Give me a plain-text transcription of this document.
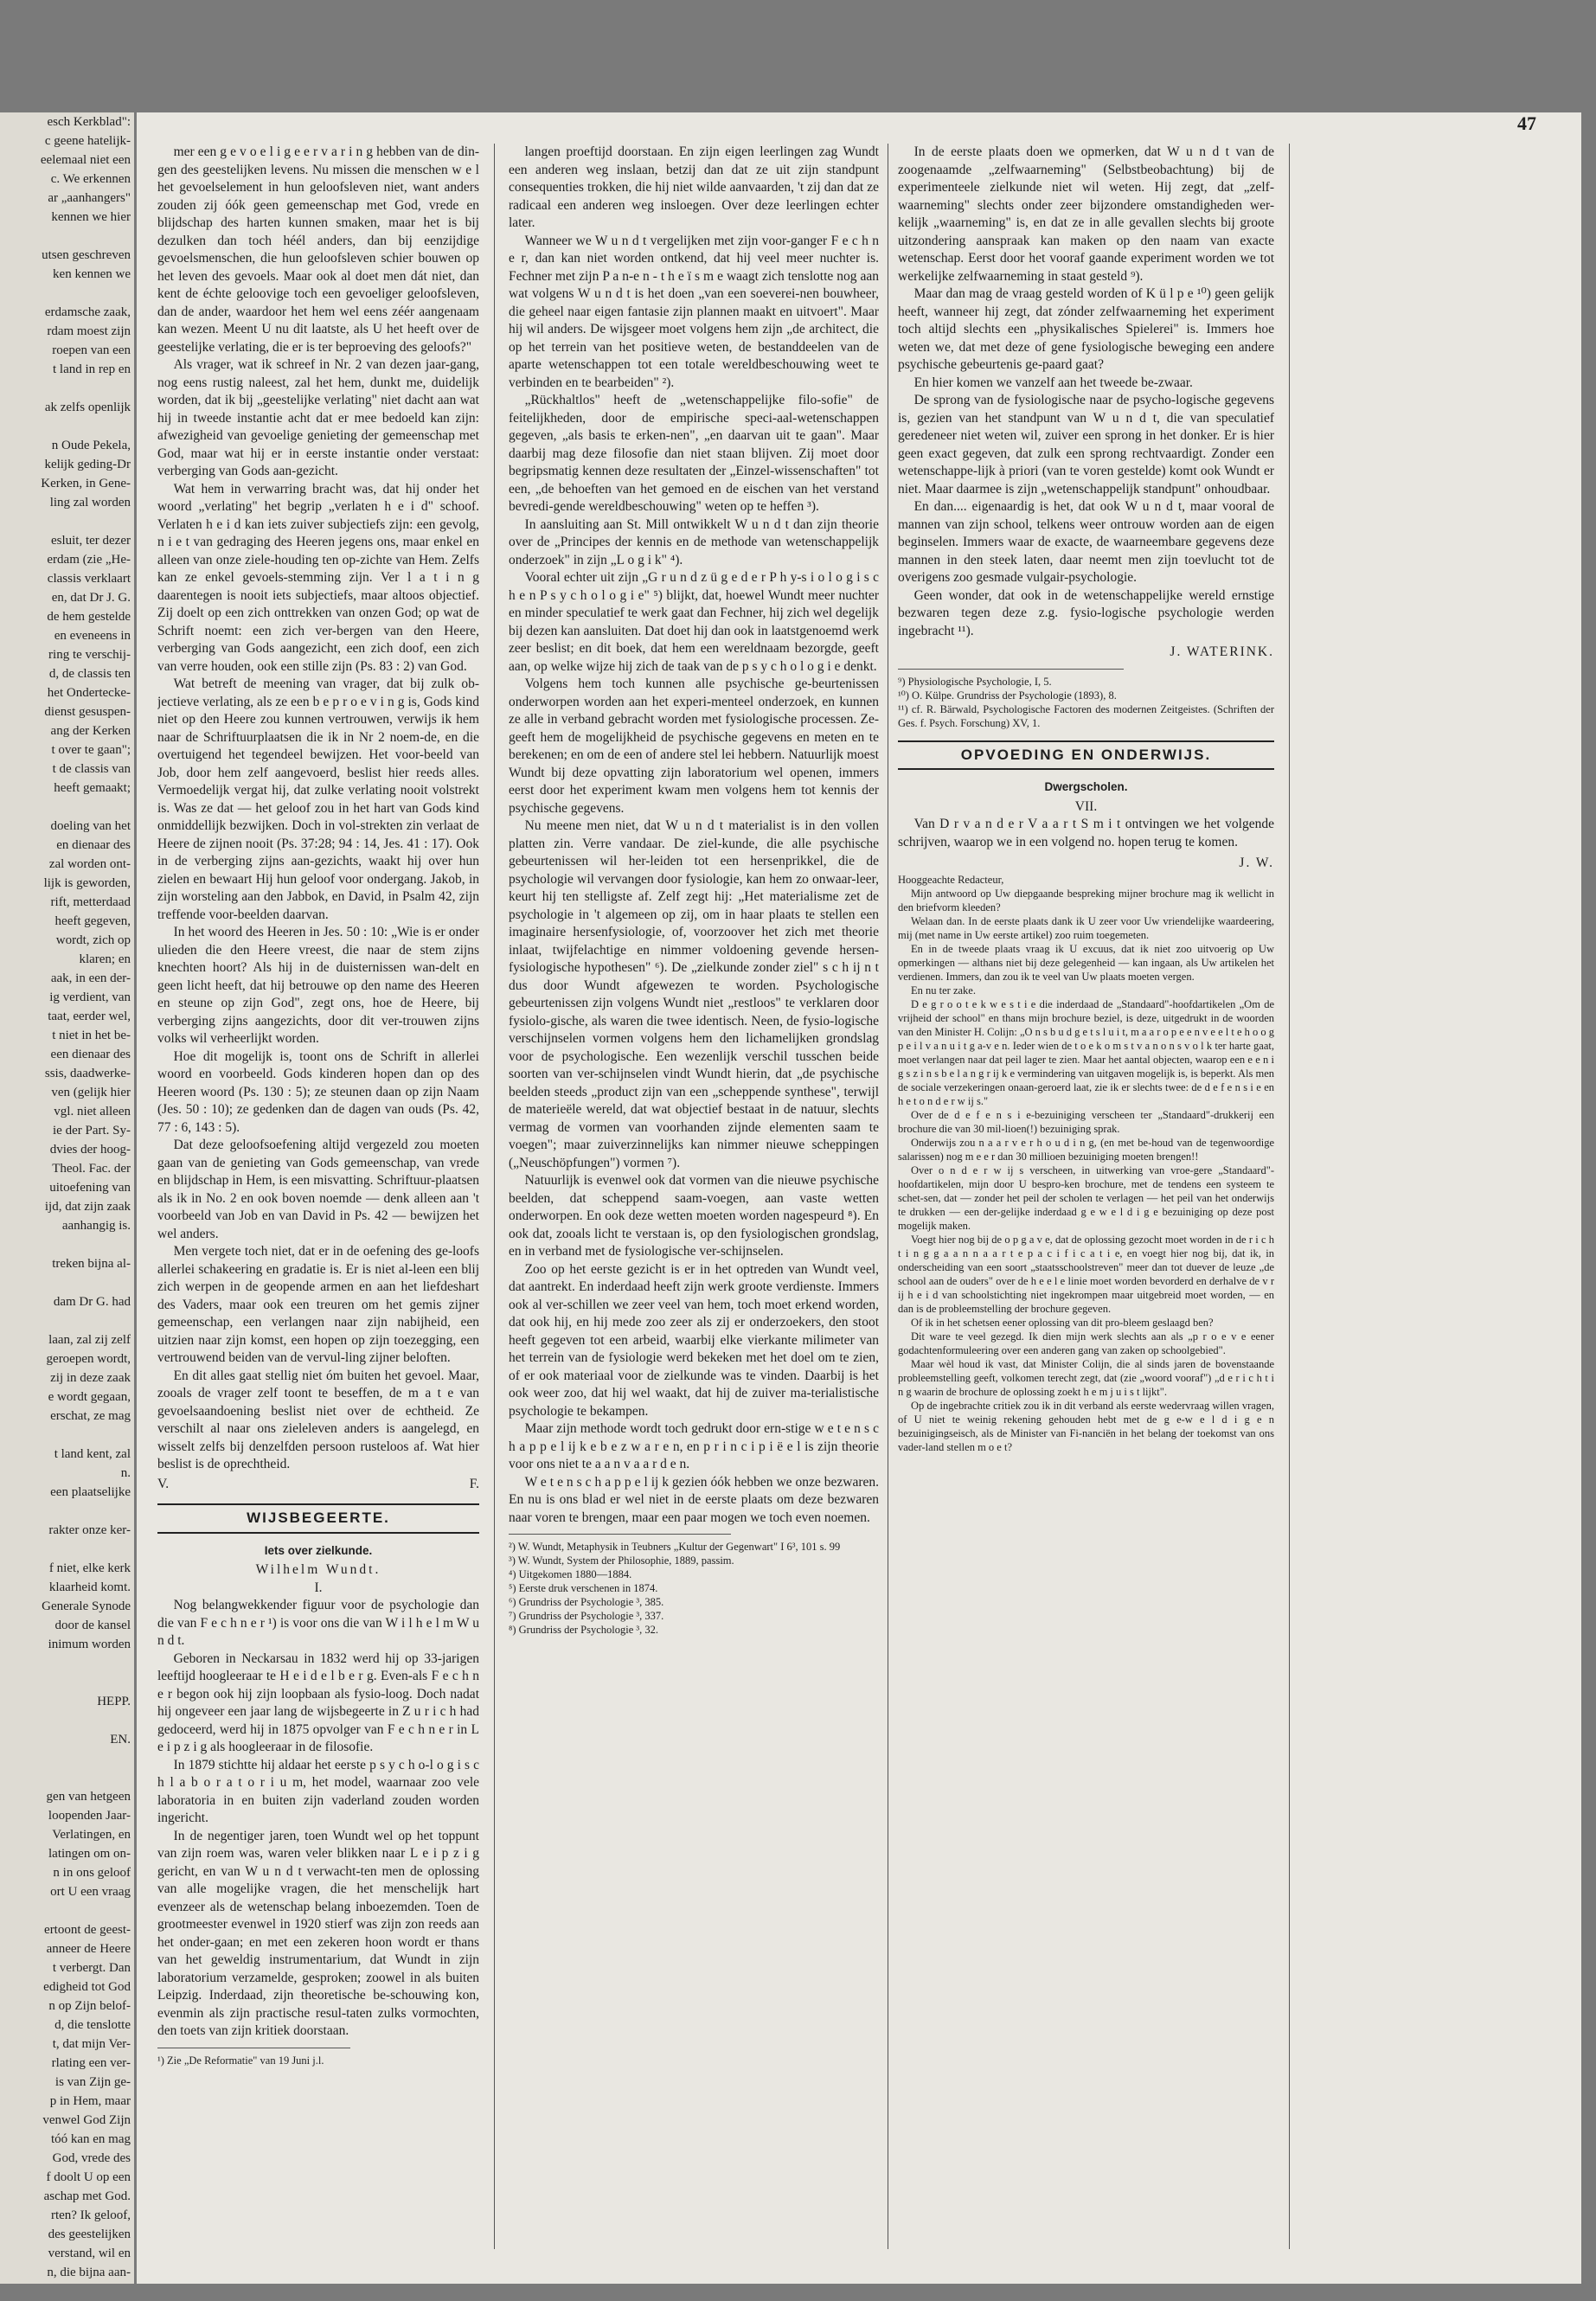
esch Kerkblad":
c geene hatelijk-
eelemaal niet een
c. We erkennen
ar „aanhangers"
kennen we hier
utsen geschreven
ken kennen we
erdamsche zaak,
rdam moest zijn
roepen van een
t land in rep en
ak zelfs openlijk
n Oude Pekela,
kelijk geding-Dr
Kerken, in Gene-
ling zal worden
esluit, ter dezer
erdam (zie „He-
classis verklaart
en, dat Dr J. G.
de hem gestelde
en eveneens in
ring te verschij-
d, de classis ten
het Ondertecke-
dienst gesuspen-
ang der Kerken
t over te gaan";
t de classis van
heeft gemaakt;
doeling van het
en dienaar des
zal worden ont-
lijk is geworden,
rift, metterdaad
heeft gegeven,
wordt, zich op
klaren; en
aak, in een der-
ig verdient, van
taat, eerder wel,
t niet in het be-
een dienaar des
ssis, daadwerke-
ven (gelijk hier
vgl. niet alleen
ie der Part. Sy-
dvies der hoog-
Theol. Fac. der
uitoefening van
ijd, dat zijn zaak
aanhangig is.
treken bijna al-
dam Dr G. had
laan, zal zij zelf
geroepen wordt,
zij in deze zaak
e wordt gegaan,
erschat, ze mag
t land kent, zal
n.
een plaatselijke
rakter onze ker-
f niet, elke kerk
klaarheid komt.
Generale Synode
door de kansel
inimum worden
HEPP.
EN.
gen van hetgeen
loopenden Jaar-
Verlatingen, en
latingen om on-
n in ons geloof
ort U een vraag
ertoont de geest-
anneer de Heere
t verbergt. Dan
edigheid tot God
n op Zijn belof-
d, die tenslotte
t, dat mijn Ver-
rlating een ver-
is van Zijn ge-
p in Hem, maar
venwel God Zijn
tóó kan en mag
God, vrede des
f doolt U op een
aschap met God.
rten? Ik geloof,
des geestelijken
verstand, wil en
n, die bijna aan-
47

mer een g e v o e l i g e e r v a r i n g hebben van de din-gen des geestelijken levens. Nu missen die menschen w e l het gevoelselement in hun geloofsleven niet, want anders zouden zij óók geen gemeenschap met God, vrede en blijdschap des harten kunnen smaken, maar het is bij dezulken dan toch héél anders, dan bij eenzijdige gevoelsmenschen, die hun geloofsleven schier bouwen op het leven des gevoels. Maar ook al doet men dát niet, dan kent de échte geloovige toch een gevoeliger geloofsleven, dan de ander, waardoor het hem wel eens zéér aangenaam kan wezen. Meent U nu dit laatste, als U het heeft over de geestelijke verlating, die er is ter beproeving des geloofs?"

Als vrager, wat ik schreef in Nr. 2 van dezen jaar-gang, nog eens rustig naleest, zal het hem, dunkt me, duidelijk worden, dat ik bij „geestelijke verlating" niet dacht aan wat hij in tweede instantie acht dat er mee bedoeld kan zijn: afwezigheid van gevoelige genieting der gemeenschap met God, maar wat hij er in eerste instantie onder verstaat: verberging van Gods aan-gezicht.

Wat hem in verwarring bracht was, dat hij onder het woord „verlating" het begrip „verlaten h e i d" schoof. Verlaten h e i d kan iets zuiver subjectiefs zijn: een gevolg, n i e t van gedraging des Heeren jegens ons, maar enkel en alleen van onze ziele-houding ten op-zichte van Hem. Zelfs kan ze enkel gevoels-stemming zijn. Ver l a t i n g daarentegen is nooit iets subjectiefs, maar altoos objectief. Zij doelt op een zich onttrekken van onzen God; op wat de Schrift noemt: een zich ver-bergen van den Heere, verberging van Gods aangezicht, een zich doof, een zich van verre houden, ook een stille zijn (Ps. 83 : 2) van God.

Wat betreft de meening van vrager, dat bij zulk ob-jectieve verlating, als ze een b e p r o e v i n g is, Gods kind niet op den Heere zou kunnen vertrouwen, verwijs ik hem naar de Schriftuurplaatsen die ik in Nr 2 noem-de, en die overtuigend het tegendeel bewijzen. Het voor-beeld van Job, door hem zelf aangevoerd, beslist hier reeds alles. Vermoedelijk vergat hij, dat zulke verlating nooit volstrekt is. Was ze dat — het geloof zou in het hart van Gods kind onmiddellijk bezwijken. Doch in vol-strekten zin verlaat de Heere de zijnen nooit (Ps. 37:28; 94 : 14, Jes. 41 : 17). Ook in de verberging zijns aan-gezichts, waakt hij over hun zielen en bewaart Hij hun geloof voor ondergang. Jakob, in zijn worsteling aan den Jabbok, en David, in Psalm 42, zijn treffende voor-beelden daarvan.

In het woord des Heeren in Jes. 50 : 10: „Wie is er onder ulieden die den Heere vreest, die naar de stem zijns knechten hoort? Als hij in de duisternissen wan-delt en geen licht heeft, dat hij betrouwe op den name des Heeren en steune op zijn God", zegt ons, hoe de Heere, bij verberging zijns aangezichts, door dit ver-trouwen zijns volks wil verheerlijkt worden.

Hoe dit mogelijk is, toont ons de Schrift in allerlei woord en voorbeeld. Gods kinderen hopen dan op des Heeren woord (Ps. 130 : 5); ze steunen daan op zijn Naam (Jes. 50 : 10); ze gedenken dan de dagen van ouds (Ps. 42, 77 : 6, 143 : 5).

Dat deze geloofsoefening altijd vergezeld zou moeten gaan van de genieting van Gods gemeenschap, van vrede en blijdschap in Hem, is een misvatting. Schriftuur-plaatsen als ik in No. 2 en ook boven noemde — denk alleen aan 't voorbeeld van Job en van David in Ps. 42 — bewijzen het wel anders.

Men vergete toch niet, dat er in de oefening des ge-loofs allerlei schakeering en gradatie is. Er is niet al-leen een blij zich werpen in de geopende armen en aan het liefdeshart des Vaders, maar ook een treuren om het gemis zijner gemeenschap, een verlangen naar zijn nabijheid, een uitzien naar zijn komst, een hopen op zijn toezegging, een vertrouwend beiden van de vervul-ling zijner beloften.

En dit alles gaat stellig niet óm buiten het gevoel. Maar, zooals de vrager zelf toont te beseffen, de m a t e van gevoelsaandoening beslist niet over de echtheid. Ze verschilt al naar ons zieleleven anders is aangelegd, en wisselt zelfs bij denzelfden persoon rusteloos af. Wat hier beslist is de oprechtheid.

V.	F.
WIJSBEGEERTE.
Iets over zielkunde.

Wilhelm Wundt.

I.

Nog belangwekkender figuur voor de psychologie dan die van F e c h n e r ¹) is voor ons die van W i l h e l m W u n d t.

Geboren in Neckarsau in 1832 werd hij op 33-jarigen leeftijd hoogleeraar te H e i d e l b e r g. Even-als F e c h n e r begon ook hij zijn loopbaan als fysio-loog. Doch nadat hij ongeveer een jaar lang de wijsbegeerte in Z u r i c h had gedoceerd, werd hij in 1875 opvolger van F e c h n e r in L e i p z i g als hoogleeraar in de filosofie.

In 1879 stichtte hij aldaar het eerste p s y c h o-l o g i s c h l a b o r a t o r i u m, het model, waarnaar zoo vele laboratoria in en buiten zijn vaderland zouden worden ingericht.

In de negentiger jaren, toen Wundt wel op het toppunt van zijn roem was, waren veler blikken naar L e i p z i g gericht, en van W u n d t verwacht-ten men de oplossing van alle mogelijke vragen, die het menschelijk hart evenzeer als de wetenschap belang inboezemden. Toen de grootmeester evenwel in 1920 stierf was zijn zon reeds aan het onder-gaan; en met een zekeren hoon wordt er thans van het geweldig instrumentarium, dat Wundt in zijn laboratorium verzamelde, gesproken; zoowel in als buiten Leipzig. Inderdaad, zijn theoretische be-schouwing kon, evenmin als zijn practische resul-taten zulks vormochten, den toets van zijn kritiek doorstaan.

¹) Zie „De Reformatie" van 19 Juni j.l.

langen proeftijd doorstaan. En zijn eigen leerlingen zag Wundt een anderen weg inslaan, betzij dan dat ze uit zijn standpunt consequenties trokken, die hij niet wilde aanvaarden, 't zij dan dat ze radicaal een anderen weg insloegen. Over deze leerlingen echter later.

Wanneer we W u n d t vergelijken met zijn voor-ganger F e c h n e r, dan kan niet worden ontkend, dat hij veel meer nuchter is. Fechner met zijn P a n-e n - t h e ï s m e waagt zich tenslotte nog aan wat volgens W u n d t is het doen „van een soeverei-nen bouwheer, die geheel naar eigen fantasie zijn plannen maakt en uitvoert". Maar hij wil anders. De wijsgeer moet volgens hem zijn „de architect, die op het terrein van het positieve weten, de bestanddeelen van de aparte wetenschappen tot een totale wereldbeschouwing weet te verbinden en te bearbeiden" ²).

„Rückhaltlos" heeft de „wetenschappelijke filo-sofie" de feitelijkheden, door de empirische speci-aal-wetenschappen gegeven, „als basis te erken-nen", „en daarvan uit te gaan". Maar daarbij mag deze filosofie dan niet staan blijven. Zij moet door begripsmatig kennen deze resultaten der „Einzel-wissenschaften" tot een, „de behoeften van het gemoed en de eischen van het verstand bevredi-gende wereldbeschouwing" weten op te heffen ³).

In aansluiting aan St. Mill ontwikkelt W u n d t dan zijn theorie over de „Principes der kennis en de methode van wetenschappelijk onderzoek" in zijn „L o g i k" ⁴).

Vooral echter uit zijn „G r u n d z ü g e d e r P h y-s i o l o g i s c h e n P s y c h o l o g i e" ⁵) blijkt, dat, hoewel Wundt meer nuchter en minder speculatief te werk gaat dan Fechner, hij zich wel degelijk bij dezen kan aansluiten. Dat doet hij dan ook in laatstgenoemd werk zeer beslist; en dit boek, dat hem een wereldnaam bezorgde, geeft aan, op welke wijze hij zich de taak van de p s y c h o l o g i e denkt.

Volgens hem toch kunnen alle psychische ge-beurtenissen onderworpen worden aan het experi-menteel onderzoek, en kunnen ze alle in verband gebracht worden met fysiologische processen. Ze-geeft hem de mogelijkheid de psychische gegevens en meten en te berekenen; en om de een of andere stel lei hebbern. Natuurlijk moest Wundt bij deze opvatting zijn laboratorium wel openen, immers eerst door het experiment kwam men volgens hem tot kennis der psychische gegevens.

Nu meene men niet, dat W u n d t materialist is in den vollen platten zin. Verre vandaar. De ziel-kunde, die alle psychische gebeurtenissen wil her-leiden tot een hersenprikkel, die de psychologie wil vervangen door fysiologie, kan hem zo onwaar-leer, keurt hij ten stelligste af. Zelf zegt hij: „Het materialisme zet de psychologie in 't algemeen op zij, om in haar plaats te stellen een imaginaire hersenfysiologie, of, voorzoover het zich met theorie inlaat, twijfelachtige en nimmer voldoening gevende hersen-fysiologische hypothesen" ⁶). De „zielkunde zonder ziel" s c h ij n t dus door Wundt afgewezen te worden. Psychologische gebeurtenissen zijn volgens Wundt niet „restloos" te verklaren door fysiolo-gische, als waren die twee identisch. Neen, de fysio-logische verschijnselen vormen volgens hem den lichamelijken grondslag voor de psychologische. Een wezenlijk verschil tusschen beide soorten van ver-schijnselen vindt Wundt hierin, dat „de psychische beelden steeds „product zijn van een „scheppende synthese", terwijl de materieële wereld, dat wat objectief bestaat in de natuur, slechts vermag de vormen van voorhanden zijnde elementen saam te voegen"; maar zuiverzinnelijks kan nimmer nieuwe scheppingen („Neuschöpfungen") vormen ⁷).

Natuurlijk is evenwel ook dat vormen van die nieuwe psychische beelden, dat scheppend saam-voegen, aan vaste wetten onderworpen. En ook deze wetten moeten worden nagespeurd ⁸). En ook dat, zooals licht te verstaan is, op den fysiologischen grondslag, en in verband met de fysiologische ver-schijnselen.

Zoo op het eerste gezicht is er in het optreden van Wundt veel, dat aantrekt. En inderdaad heeft zijn werk groote verdienste. Immers ook al ver-schillen we zeer veel van hem, toch moet erkend worden, dat ook hij, en hij mede zoo zeer als zij er onderzoekers, den stoot heeft gegeven tot een arbeid, waarbij elke vierkante milimeter van het terrein van de fysiologie werd bekeken met het doel om te zien, of er ook materiaal voor de zielkunde was te vinden. Daarbij is het ook weer zoo, dat hij wel waakt, dat hij de zuiver ma-terialistische psychologie te bekampen.

Maar zijn methode wordt toch gedrukt door ern-stige w e t e n s c h a p p e l ij k e b e z w a r e n, en p r i n c i p i ë e l is zijn theorie voor ons niet te a a n v a a r d e n.

W e t e n s c h a p p e l ij k gezien óók hebben we onze bezwaren. En nu is ons blad er wel niet in de eerste plaats om deze bezwaren naar voren te brengen, maar een paar mogen we toch even noemen.

²) W. Wundt, Metaphysik in Teubners „Kultur der Gegenwart" I 6³, 101 s. 99

³) W. Wundt, System der Philosophie, 1889, passim.

⁴) Uitgekomen 1880—1884.

⁵) Eerste druk verschenen in 1874.

⁶) Grundriss der Psychologie ³, 385.

⁷) Grundriss der Psychologie ³, 337.

⁸) Grundriss der Psychologie ³, 32.

In de eerste plaats doen we opmerken, dat W u n d t van de zoogenaamde „zelfwaarneming" (Selbstbeobachtung) bij de experimenteele zielkunde niet wil weten. Hij zegt, dat „zelf-waarneming" slechts onder zeer bijzondere omstandigheden wer-kelijk „waarneming" is, en dat ze in alle gevallen slechts bij groote uitzondering aanspraak kan maken op den naam van exacte wetenschap. Eerst door het vooraf gaande experiment worden we tot werkelijke zelfwaarneming in staat gesteld ⁹).

Maar dan mag de vraag gesteld worden of K ü l p e ¹⁰) geen gelijk heeft, wanneer hij zegt, dat zónder zelfwaarneming het experiment toch altijd slechts een „physikalisches Spielerei" is. Immers hoe weten we, dat met deze of gene fysiologische beweging een andere psychische gebeurtenis ge-paard gaat?

En hier komen we vanzelf aan het tweede be-zwaar.

De sprong van de fysiologische naar de psycho-logische gegevens is, gezien van het standpunt van W u n d t, die van speculatief geredeneer niet weten wil, zuiver een sprong in het donker. Er is hier geen exact gegeven, dat zulk een sprong rechtvaardigt. Zonder een wetenschappe-lijk à priori (van te voren gestelde) komt ook Wundt er niet. Maar daarmee is zijn „wetenschappelijk standpunt" onhoudbaar.

En dan.... eigenaardig is het, dat ook W u n d t, maar vooral de mannen van zijn school, telkens weer ontrouw worden aan de eigen beginselen. Immers waar de exacte, de waarneembare gegevens deze mannen in den steek laten, daar neemt men zijn toevlucht tot de overigens zoo gesmade vulgair-psychologie.

Geen wonder, dat ook in de wetenschappelijke wereld ernstige bezwaren tegen deze z.g. fysio-logische psychologie werden ingebracht ¹¹).

J. WATERINK.

⁹) Physiologische Psychologie, I, 5.

¹⁰) O. Külpe. Grundriss der Psychologie (1893), 8.

¹¹) cf. R. Bärwald, Psychologische Factoren des modernen Zeitgeistes. (Schriften der Ges. f. Psych. Forschung) XV, 1.

OPVOEDING EN ONDERWIJS.
Dwergscholen.

VII.

Van D r v a n d e r V a a r t S m i t ontvingen we het volgende schrijven, waarop we in een volgend no. hopen terug te komen.

J. W.

Hooggeachte Redacteur,

Mijn antwoord op Uw diepgaande bespreking mijner brochure mag ik wellicht in den briefvorm kleeden?

Welaan dan. In de eerste plaats dank ik U zeer voor Uw vriendelijke waardeering, mij (met name in Uw eerste artikel) zoo ruim toegemeten.

En in de tweede plaats vraag ik U excuus, dat ik niet zoo uitvoerig op Uw opmerkingen — althans niet bij deze gelegenheid — kan ingaan, als Uw artikelen het verdienen. Immers, dan zou ik te veel van Uw plaats moeten vergen.

En nu ter zake.

D e g r o o t e k w e s t i e die inderdaad de „Standaard"-hoofdartikelen „Om de vrijheid der school" en thans mijn brochure beziel, is deze, uitgedrukt in de woorden van den Minister H. Colijn: „O n s b u d g e t s l u i t, m a a r o p e e n v e e l t e h o o g p e i l v a n u i t g a-v e n. Ieder wien de t o e k o m s t v a n o n s v o l k ter harte gaat, moet verlangen naar dat peil lager te zien. Maar het aantal objecten, waarop een e e n i g s z i n s b e l a n g r ij k e vermindering van uitgaven mogelijk is, is beperkt. Als men de sociale verzekeringen onaan-geroerd laat, zie ik er slechts twee: de d e f e n s i e en h e t o n d e r w ij s."

Over de d e f e n s i e-bezuiniging verscheen ter „Standaard"-drukkerij een brochure die van 30 mil-lioen(!) bezuiniging sprak.

Onderwijs zou n a a r v e r h o u d i n g, (en met be-houd van de tegenwoordige salarissen) nog m e e r dan 30 millioen bezuiniging moeten brengen!!

Over o n d e r w ij s verscheen, in uitwerking van vroe-gere „Standaard"-hoofdartikelen, mijn door U bespro-ken brochure, met de tendens een systeem te schet-sen, dat — zonder het peil der scholen te verlagen — het peil van het onderwijs te drukken — een der-gelijke inderdaad g e w e l d i g e bezuiniging op deze post mogelijk maken.

Voegt hier nog bij de o p g a v e, dat de oplossing gezocht moet worden in de r i c h t i n g g a a n n a a r t e p a c i f i c a t i e, en voegt hier nog bij, dat ik, in onderscheiding van een soort „staatsschoolstreven" meer dan tot duever de leuze „de school aan de ouders" over de h e e l e linie moet worden bevorderd en derhalve de v r ij h e i d van schoolstichting niet ingekrompen maar uitgebreid moet worden, — en dan is de probleemstelling der brochure gegeven.

Of ik in het schetsen eener oplossing van dit pro-bleem geslaagd ben?

Dit ware te veel gezegd. Ik dien mijn werk slechts aan als „p r o e v e eener godachtenformuleering over een anderen gang van zaken op schoolgebied".

Maar wèl houd ik vast, dat Minister Colijn, die al sinds jaren de bovenstaande probleemstelling geeft, volkomen terecht zegt, dat (zie „woord vooraf") „d e r i c h t i n g waarin de brochure de oplossing zoekt h e m j u i s t lijkt".

Op de ingebrachte critiek zou ik in dit verband als eerste wedervraag willen vragen, of U niet te weinig rekening gehouden hebt met de g e-w e l d i g e n bezuinigingseisch, als de Minister van Fi-nanciën in het belang der toekomst van ons vader-land stellen m o e t?
